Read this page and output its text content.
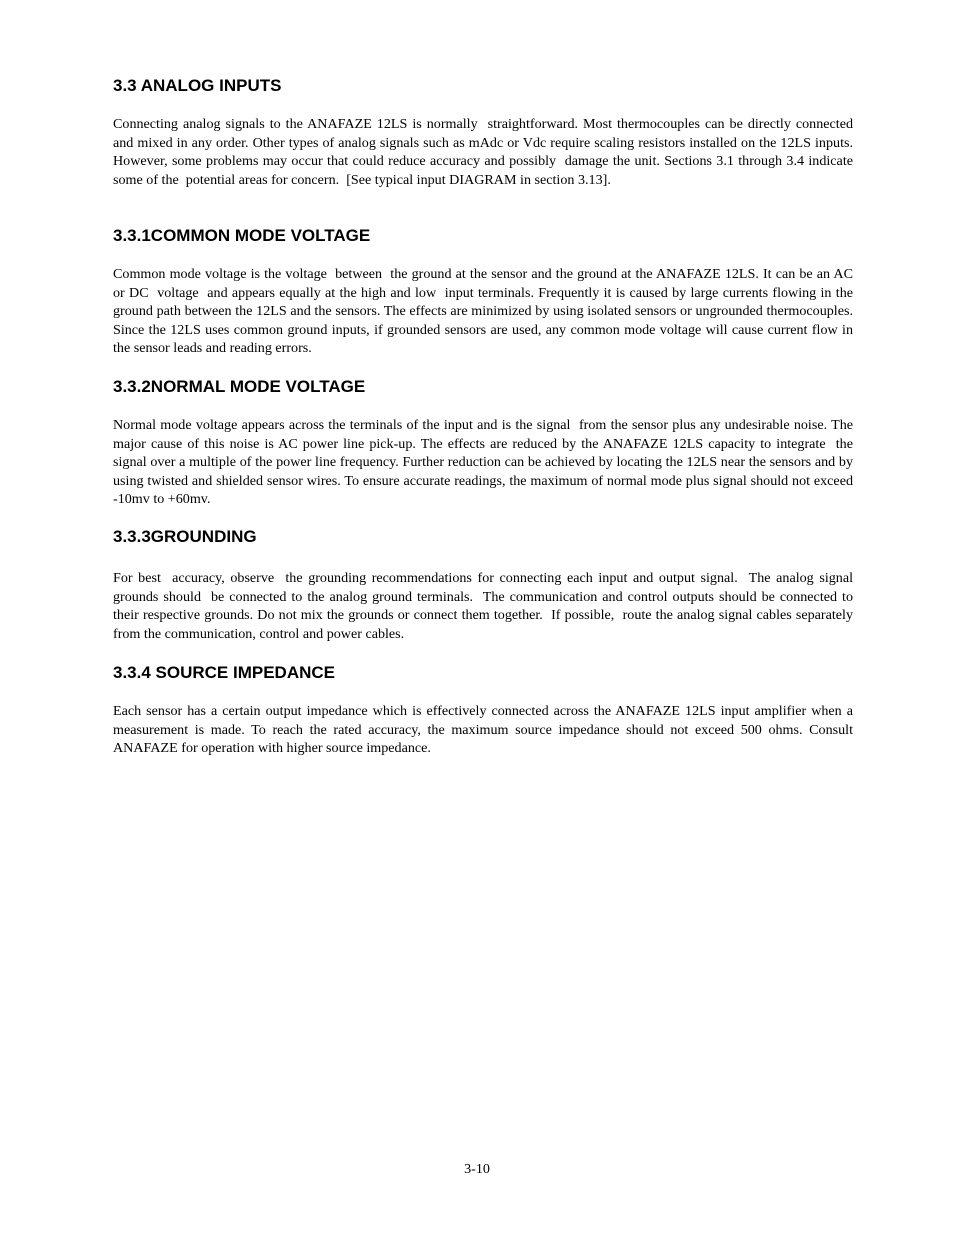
3.3 ANALOG INPUTS

Connecting analog signals to the ANAFAZE 12LS is normally  straightforward. Most thermocouples can be directly connected and mixed in any order. Other types of analog signals such as mAdc or Vdc require scaling resistors installed on the 12LS inputs. However, some problems may occur that could reduce accuracy and possibly  damage the unit. Sections 3.1 through 3.4 indicate some of the  potential areas for concern.  [See typical input DIAGRAM in section 3.13].

3.3.1COMMON MODE VOLTAGE

Common mode voltage is the voltage  between  the ground at the sensor and the ground at the ANAFAZE 12LS. It can be an AC or DC  voltage  and appears equally at the high and low  input terminals. Frequently it is caused by large currents flowing in the ground path between the 12LS and the sensors. The effects are minimized by using isolated sensors or ungrounded thermocouples.  Since the 12LS uses common ground inputs, if grounded sensors are used, any common mode voltage will cause current flow in the sensor leads and reading errors.

3.3.2NORMAL MODE VOLTAGE

Normal mode voltage appears across the terminals of the input and is the signal  from the sensor plus any undesirable noise. The major cause of this noise is AC power line pick-up. The effects are reduced by the ANAFAZE 12LS capacity to integrate  the signal over a multiple of the power line frequency. Further reduction can be achieved by locating the 12LS near the sensors and by using twisted and shielded sensor wires. To ensure accurate readings, the maximum of normal mode plus signal should not exceed -10mv to +60mv.

3.3.3GROUNDING

For best  accuracy, observe  the grounding recommendations for connecting each input and output signal.  The analog signal grounds should  be connected to the analog ground terminals.  The communication and control outputs should be connected to their respective grounds. Do not mix the grounds or connect them together.  If possible,  route the analog signal cables separately from the communication, control and power cables.

3.3.4 SOURCE IMPEDANCE

Each sensor has a certain output impedance which is effectively connected across the ANAFAZE 12LS input amplifier when a measurement is made. To reach the rated accuracy, the maximum source impedance should not exceed 500 ohms. Consult ANAFAZE for operation with higher source impedance.

3-10
